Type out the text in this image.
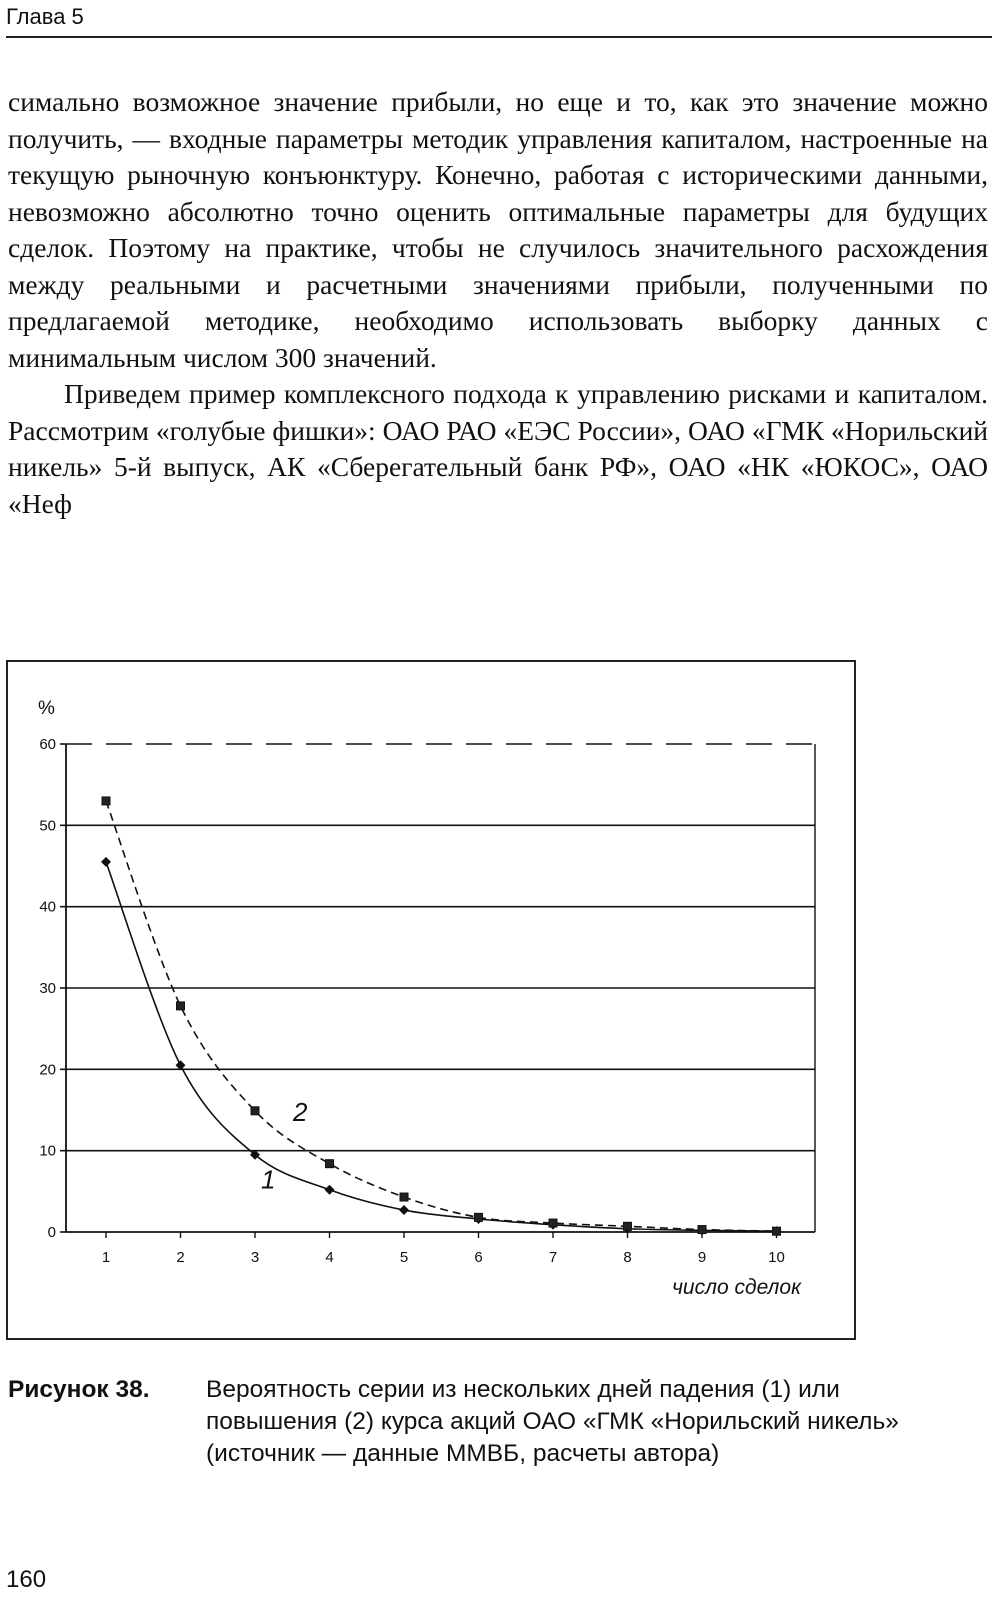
Глава 5

симально возможное значение прибыли, но еще и то, как это значение можно получить, — входные параметры методик управления капиталом, настроенные на текущую рыночную конъюнктуру. Конечно, работая с историческими данными, невозможно абсолютно точно оценить оптимальные параметры для будущих сделок. Поэтому на практике, чтобы не случилось значительного расхождения между реальными и расчетными значениями прибыли, полученными по предлагаемой методике, необходимо использовать выборку данных с минимальным числом 300 значений.

Приведем пример комплексного подхода к управлению рисками и капиталом. Рассмотрим «голубые фишки»: ОАО РАО «ЕЭС России», ОАО «ГМК «Норильский никель» 5-й выпуск, АК «Сберегательный банк РФ», ОАО «НК «ЮКОС», ОАО «Неф

0
10
20
30
40
50
60
1	2	3	4	5	6	7	8	9	10
%
число сделок
1
2
Рисунок 38. Вероятность серии из нескольких дней падения (1) или повышения (2) курса акций ОАО «ГМК «Норильский никель» (источник — данные ММВБ, расчеты автора)
160
